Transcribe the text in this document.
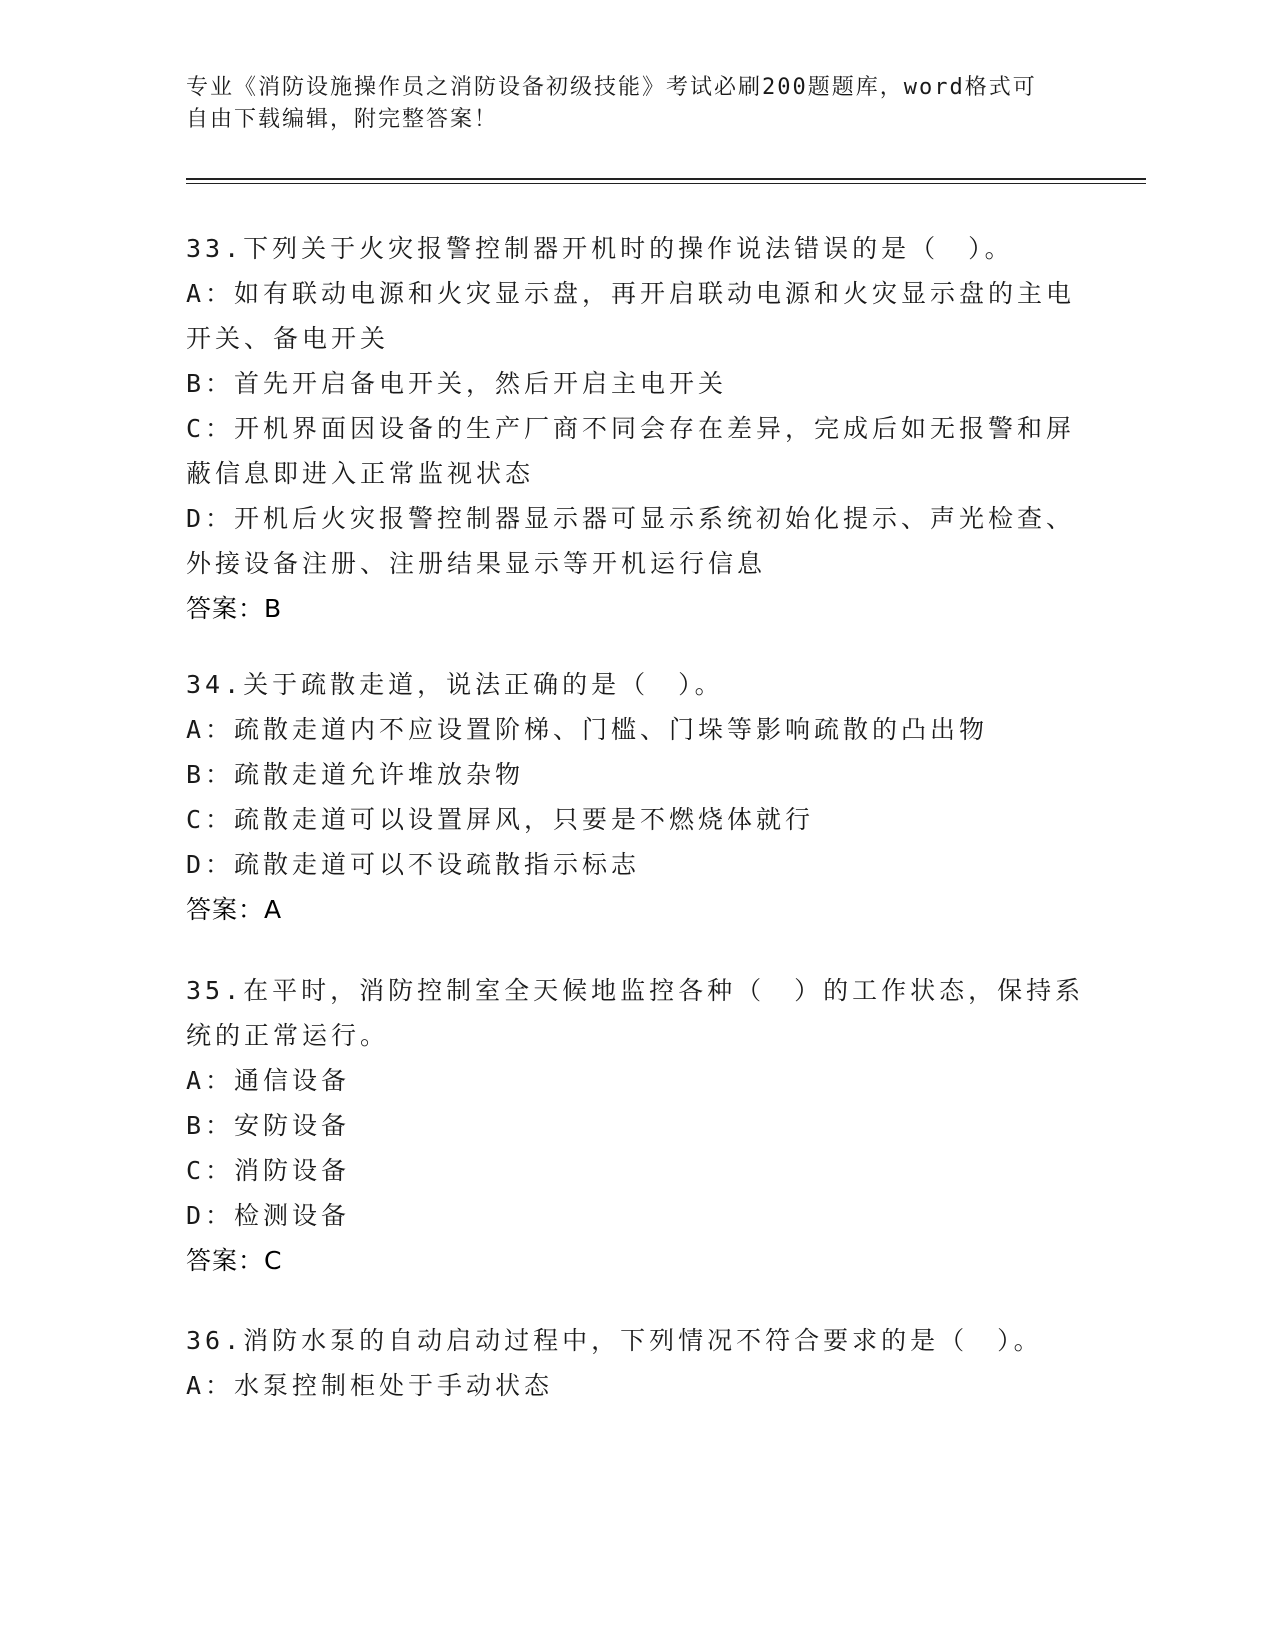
专业《消防设施操作员之消防设备初级技能》考试必刷200题题库，word格式可
自由下载编辑，附完整答案！
33.下列关于火灾报警控制器开机时的操作说法错误的是（　）。
A：如有联动电源和火灾显示盘，再开启联动电源和火灾显示盘的主电
开关、备电开关
B：首先开启备电开关，然后开启主电开关
C：开机界面因设备的生产厂商不同会存在差异，完成后如无报警和屏
蔽信息即进入正常监视状态
D：开机后火灾报警控制器显示器可显示系统初始化提示、声光检查、
外接设备注册、注册结果显示等开机运行信息
答案：B
34.关于疏散走道，说法正确的是（　）。
A：疏散走道内不应设置阶梯、门槛、门垛等影响疏散的凸出物
B：疏散走道允许堆放杂物
C：疏散走道可以设置屏风，只要是不燃烧体就行
D：疏散走道可以不设疏散指示标志
答案：A
35.在平时，消防控制室全天候地监控各种（　）的工作状态，保持系
统的正常运行。
A：通信设备
B：安防设备
C：消防设备
D：检测设备
答案：C
36.消防水泵的自动启动过程中，下列情况不符合要求的是（　）。
A：水泵控制柜处于手动状态
